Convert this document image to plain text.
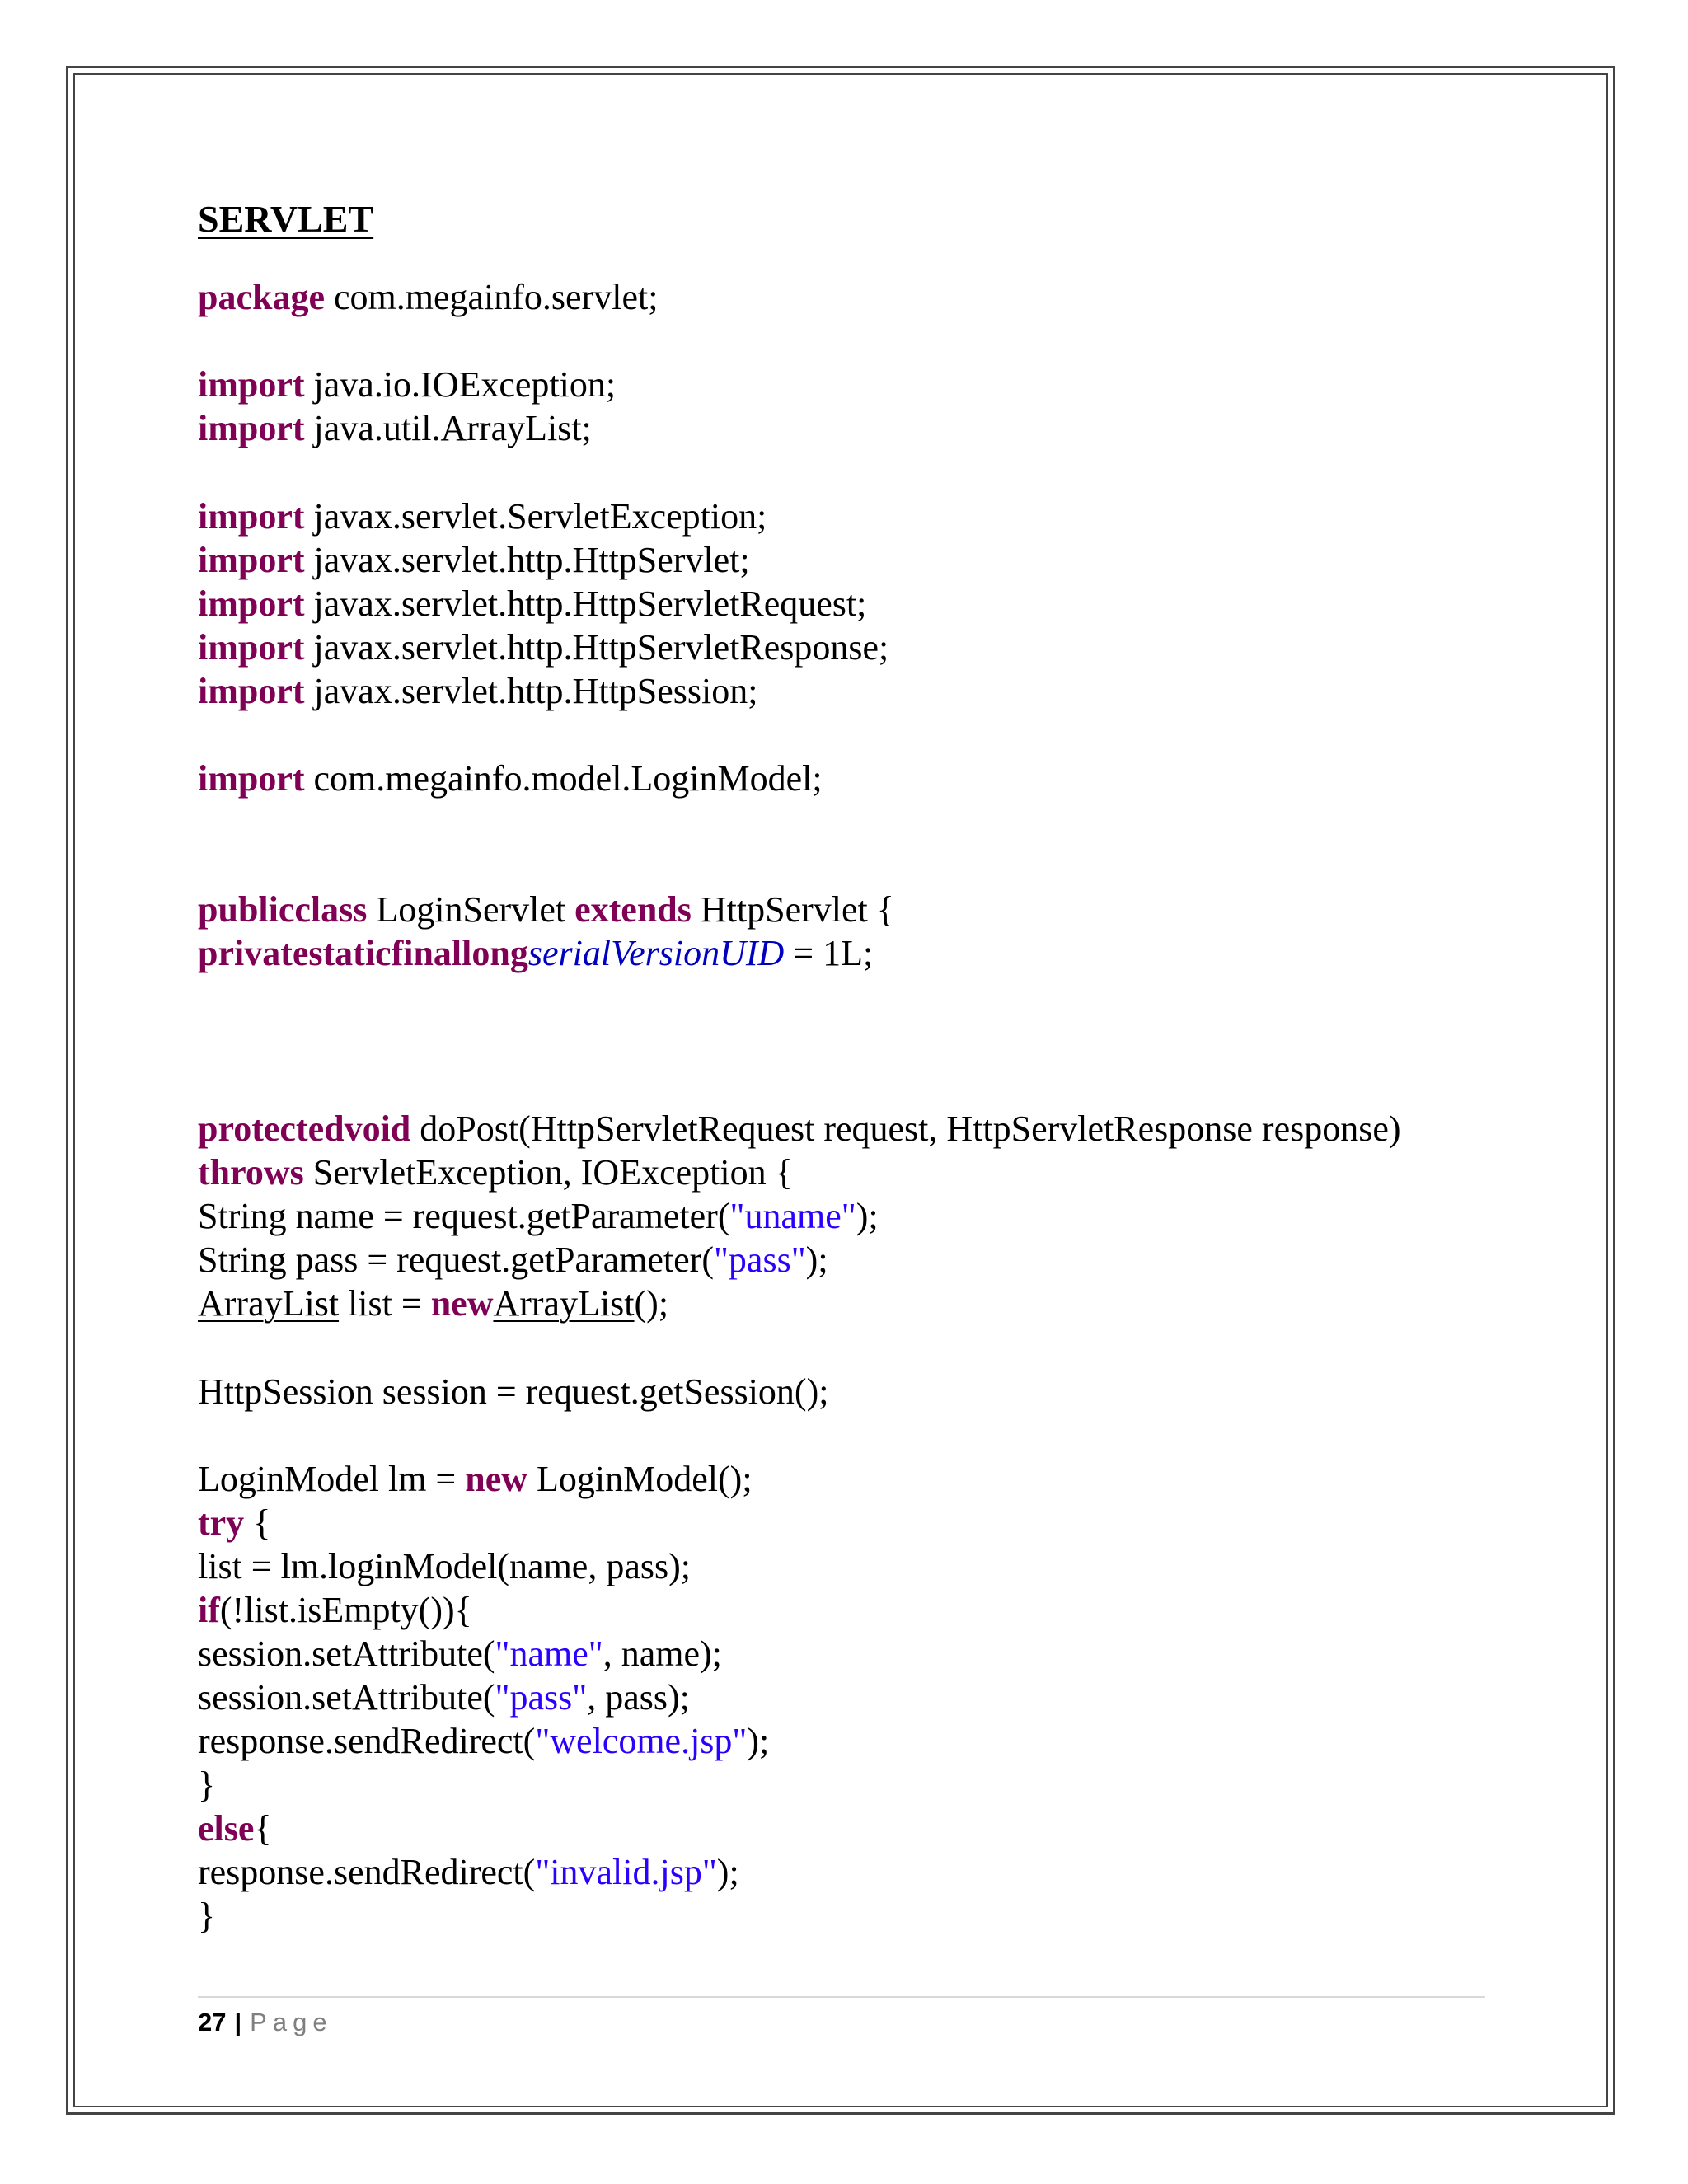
SERVLET
package com.megainfo.servlet;
import java.io.IOException;
import java.util.ArrayList;
import javax.servlet.ServletException;
import javax.servlet.http.HttpServlet;
import javax.servlet.http.HttpServletRequest;
import javax.servlet.http.HttpServletResponse;
import javax.servlet.http.HttpSession;
import com.megainfo.model.LoginModel;
publicclass LoginServlet extends HttpServlet {
privatestaticfinallongserialVersionUID = 1L;
protectedvoid doPost(HttpServletRequest request, HttpServletResponse response)
throws ServletException, IOException {
String name = request.getParameter("uname");
String pass = request.getParameter("pass");
ArrayList list = newArrayList();
HttpSession session = request.getSession();
LoginModel lm = new LoginModel();
try {
list = lm.loginModel(name, pass);
if(!list.isEmpty()){
session.setAttribute("name", name);
session.setAttribute("pass", pass);
response.sendRedirect("welcome.jsp");
}
else{
response.sendRedirect("invalid.jsp");
}
27 | Page
